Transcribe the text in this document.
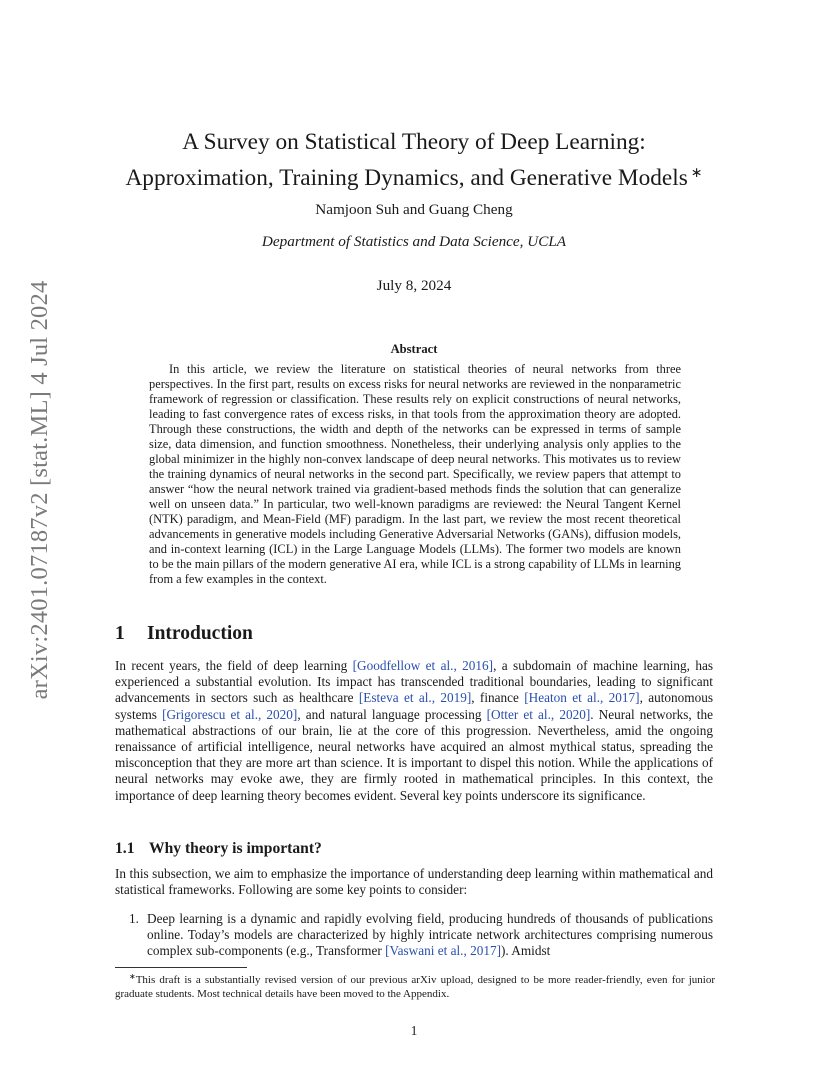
arXiv:2401.07187v2 [stat.ML] 4 Jul 2024
A Survey on Statistical Theory of Deep Learning:
Approximation, Training Dynamics, and Generative Models ∗
Namjoon Suh and Guang Cheng
Department of Statistics and Data Science, UCLA
July 8, 2024
Abstract
In this article, we review the literature on statistical theories of neural networks from three perspectives. In the first part, results on excess risks for neural networks are reviewed in the nonparametric framework of regression or classification. These results rely on explicit constructions of neural networks, leading to fast convergence rates of excess risks, in that tools from the approximation theory are adopted. Through these constructions, the width and depth of the networks can be expressed in terms of sample size, data dimension, and function smoothness. Nonetheless, their underlying analysis only applies to the global minimizer in the highly non-convex landscape of deep neural networks. This motivates us to review the training dynamics of neural networks in the second part. Specifically, we review papers that attempt to answer “how the neural network trained via gradient-based methods finds the solution that can generalize well on unseen data.” In particular, two well-known paradigms are reviewed: the Neural Tangent Kernel (NTK) paradigm, and Mean-Field (MF) paradigm. In the last part, we review the most recent theoretical advancements in generative models including Generative Adversarial Networks (GANs), diffusion models, and in-context learning (ICL) in the Large Language Models (LLMs). The former two models are known to be the main pillars of the modern generative AI era, while ICL is a strong capability of LLMs in learning from a few examples in the context.
1 Introduction
In recent years, the field of deep learning [Goodfellow et al., 2016], a subdomain of machine learning, has experienced a substantial evolution. Its impact has transcended traditional boundaries, leading to significant advancements in sectors such as healthcare [Esteva et al., 2019], finance [Heaton et al., 2017], autonomous systems [Grigorescu et al., 2020], and natural language processing [Otter et al., 2020]. Neural networks, the mathematical abstractions of our brain, lie at the core of this progression. Nevertheless, amid the ongoing renaissance of artificial intelligence, neural networks have acquired an almost mythical status, spreading the misconception that they are more art than science. It is important to dispel this notion. While the applications of neural networks may evoke awe, they are firmly rooted in mathematical principles. In this context, the importance of deep learning theory becomes evident. Several key points underscore its significance.
1.1 Why theory is important?
In this subsection, we aim to emphasize the importance of understanding deep learning within mathematical and statistical frameworks. Following are some key points to consider:
1. Deep learning is a dynamic and rapidly evolving field, producing hundreds of thousands of publications online. Today’s models are characterized by highly intricate network architectures comprising numerous complex sub-components (e.g., Transformer [Vaswani et al., 2017]). Amidst
∗This draft is a substantially revised version of our previous arXiv upload, designed to be more reader-friendly, even for junior graduate students. Most technical details have been moved to the Appendix.
1
